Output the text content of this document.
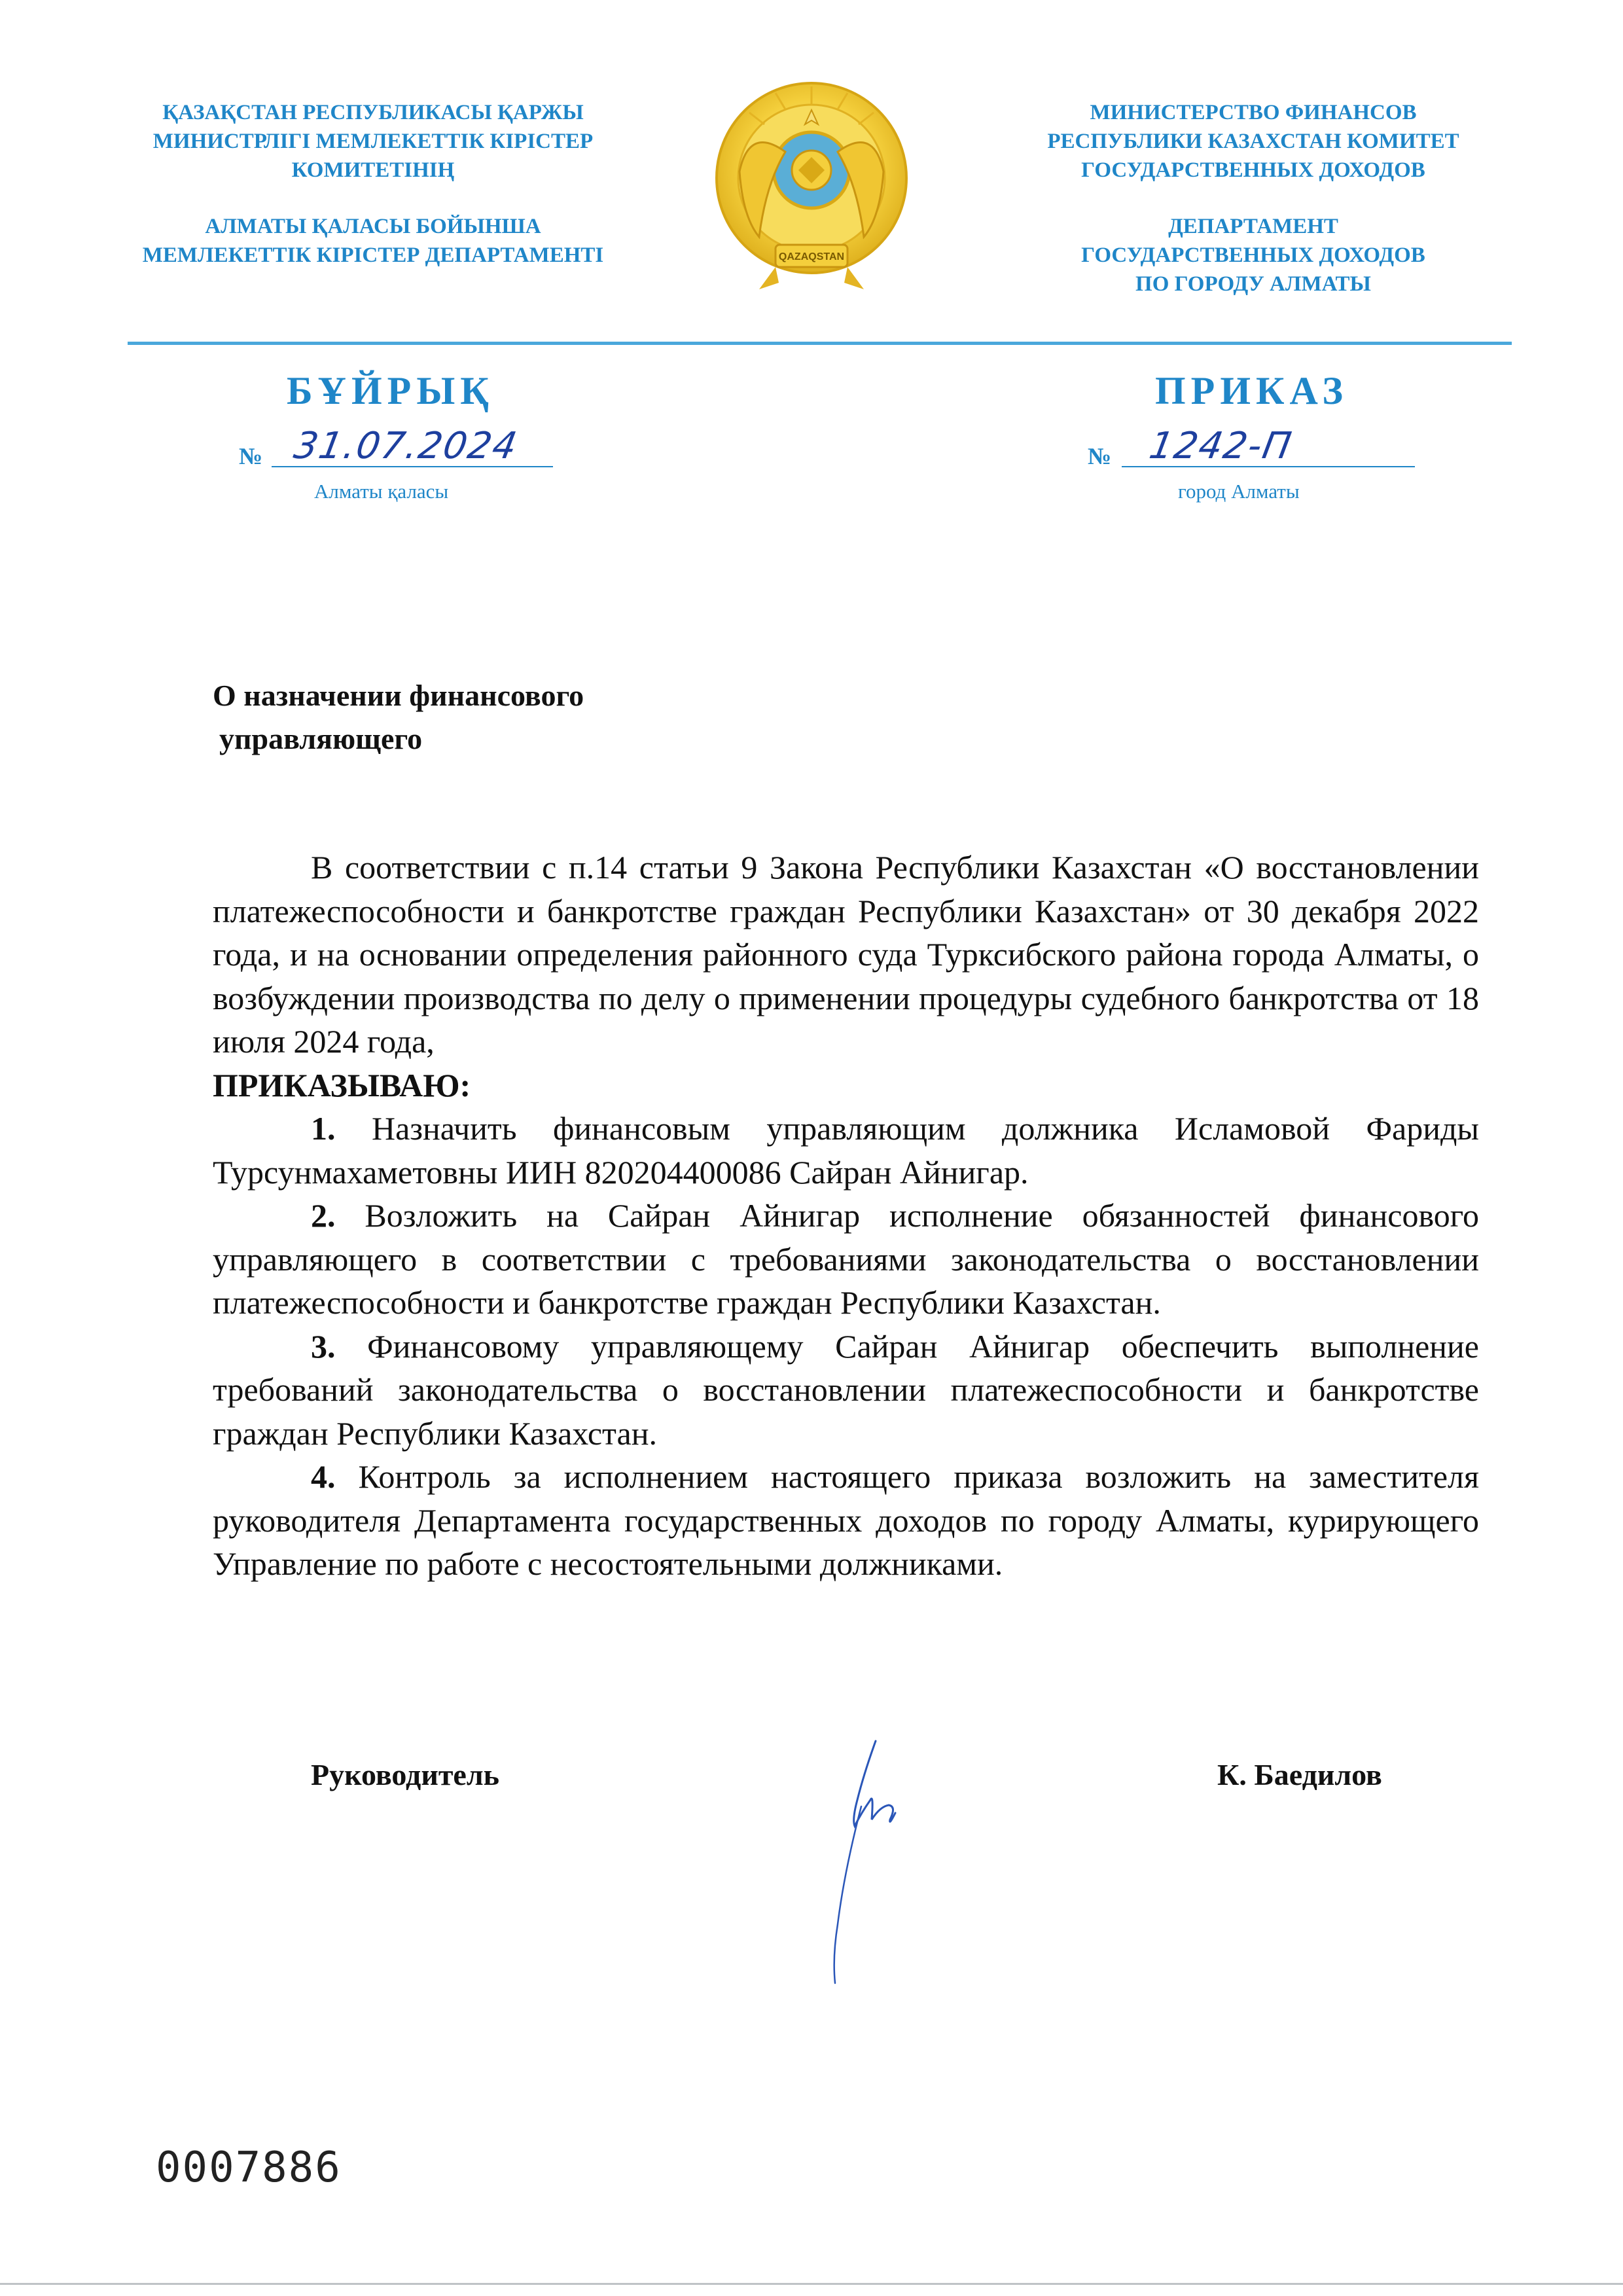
ҚАЗАҚСТАН РЕСПУБЛИКАСЫ ҚАРЖЫ
МИНИСТРЛІГІ МЕМЛЕКЕТТІК КІРІСТЕР
КОМИТЕТІНІҢ
АЛМАТЫ ҚАЛАСЫ БОЙЫНША
МЕМЛЕКЕТТІК КІРІСТЕР ДЕПАРТАМЕНТІ	QAZAQSTAN
МИНИСТЕРСТВО ФИНАНСОВ
РЕСПУБЛИКИ КАЗАХСТАН КОМИТЕТ
ГОСУДАРСТВЕННЫХ ДОХОДОВ
ДЕПАРТАМЕНТ
ГОСУДАРСТВЕННЫХ ДОХОДОВ
ПО ГОРОДУ АЛМАТЫ
БҰЙРЫҚ	ПРИКАЗ
№ 31.07.2024	№ 1242-П
Алматы қаласы	город Алматы
О назначении финансового
управляющего

В соответствии с п.14 статьи 9 Закона Республики Казахстан «О восстановлении платежеспособности и банкротстве граждан Республики Казахстан» от 30 декабря 2022 года, и на основании определения районного суда Турксибского района города Алматы, о возбуждении производства по делу о применении процедуры судебного банкротства от 18 июля 2024 года,

ПРИКАЗЫВАЮ:

1. Назначить финансовым управляющим должника Исламовой Фариды Турсунмахаметовны ИИН 820204400086 Сайран Айнигар.

2. Возложить на Сайран Айнигар исполнение обязанностей финансового управляющего в соответствии с требованиями законодательства о восстановлении платежеспособности и банкротстве граждан Республики Казахстан.

3. Финансовому управляющему Сайран Айнигар обеспечить выполнение требований законодательства о восстановлении платежеспособности и банкротстве граждан Республики Казахстан.

4. Контроль за исполнением настоящего приказа возложить на заместителя руководителя Департамента государственных доходов по городу Алматы, курирующего Управление по работе с несостоятельными должниками.

Руководитель	К. Баедилов
0007886
